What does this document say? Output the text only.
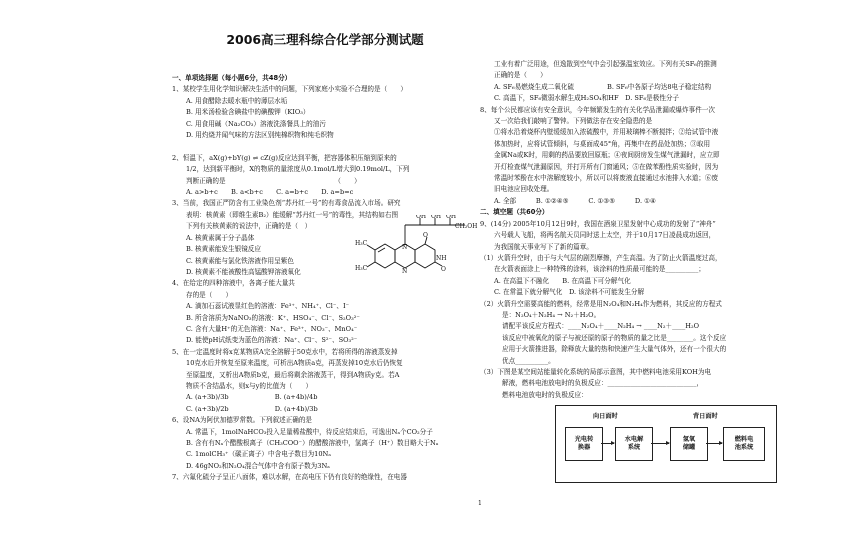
2006高三理科综合化学部分测试题
一、单项选择题（每小题6分，共48分）
1、某校学生用化学知识解决生活中的问题，下列家庭小实验不合理的是（　　）
A. 用食醋除去暖水瓶中的薄层水垢
B. 用米汤检验含碘盐中的碘酸钾（KIO₃）
C. 用食用碱（Na₂CO₃）溶液洗涤餐具上的油污
D. 用灼烧并闻气味的方法区别纯棉织物和纯毛织物

2、恒温下，aX(g)+bY(g) ⇌ cZ(g)反应达到平衡，把容器体积压缩到原来的
1/2，达到新平衡时，X的物质的量浓度从0.1mol/L增大到0.19mol/L，下列
判断正确的是　　　　　　　　　　　　　　　　　（　　）
A. a>b+c　　B. a<b+c　　C. a=b+c　　D. a=b=c
3、当前，我国正严防含有工业染色剂“苏丹红一号”的有毒食品流入市场。研究
表明：核黄素（即维生素B₂）能缓解“苏丹红一号”的毒性，其结构如右图
下列有关核黄素的说法中，正确的是（　）
A. 核黄素属于分子晶体
B. 核黄素能发生银镜反应
C. 核黄素能与氯化铁溶液作用呈紫色
D. 核黄素不能被酸性高锰酸钾溶液氧化
4、在给定的四种溶液中，各离子能大量共
存的是（　　）
A. 滴加石蕊试液显红色的溶液：Fe³⁺、NH₄⁺、Cl⁻、I⁻
B. 所含溶质为NaNO₃的溶液：K⁺、HSO₄⁻、Cl⁻、S₂O₃²⁻
C. 含有大量H⁺的无色溶液：Na⁺、Fe³⁺、NO₃⁻、MnO₄⁻
D. 能使pH试纸变为蓝色的溶液：Na⁺、Cl⁻、S²⁻、SO₃²⁻
5、在一定温度时将x克某物质A完全溶解于50克水中，若将所得的溶液蒸发掉
10克水后并恢复至原来温度，可析出A物质a克，再蒸发掉10克水后仍恢复
至原温度，又析出A物质b克，最后将剩余溶液蒸干，得到A物质y克。若A
物质不含结晶水，则x与y的比值为（　　）
A. (a+3b)/3b　　　　　　　B. (a+4b)/4b
C. (a+3b)/2b　　　　　　　D. (a+4b)/3b
6、设NA为阿伏加德罗常数。下列叙述正确的是
A. 常温下，1molNaHCO₃投入足量稀盐酸中，待反应结束后，可逸出Nₐ个CO₂分子
B. 含有有Nₐ个醋酸根离子（CH₃COO⁻）的醋酸溶液中，氢离子（H⁺）数目略大于Nₐ
C. 1molCH₃⁺（碳正离子）中含电子数目为10Nₐ
D. 46gNO₂和N₂O₄混合气体中含有原子数为3Nₐ
7、六氟化硫分子呈正八面体，难以水解，在高电压下仍有良好的绝缘性，在电器
工业有着广泛用途，但逸散到空气中会引起强温室效应。下列有关SF₆的推测
正确的是（　　）
A. SF₆易燃烧生成二氧化硫　　　　　B. SF₆中各原子均达8电子稳定结构
C. 高温下，SF₆微弱水解生成H₂SO₄和HF　D. SF₆是极性分子
8、每个公民都应该有安全意识，今年频繁发生的有关化学品泄漏或爆炸事件一次
又一次给我们敲响了警钟。下列做法存在安全隐患的是
①将水沿着烧杯内壁缓缓加入浓硫酸中，并用玻璃棒不断搅拌；②给试管中液
体加热时，应将试管倾斜，与桌面成45°角，再集中在药品处加热；③取用
金属Na或K时，用剩的药品要放回原瓶；④夜间厨房发生煤气泄漏时，应立即
开灯检查煤气泄漏原因，并打开所有门窗通风；⑤在做苯酚性质实验时，因为
常温时苯酚在水中溶解度较小，所以可以将废液直接通过水池排入水道；⑥废
旧电池应回收处理。
A. 全部　　　B. ①②④⑤　　　C. ①③⑤　　　D. ①④
二、填空题（共60分）
9、(14分) 2005年10月12日9时，我国在酒泉卫星发射中心成功的发射了“神舟”
六号载人飞船，将两名航天员同时送上太空，并于10月17日凌晨成功返回，
为我国航天事业写下了新的篇章。
（1）火箭升空时，由于与大气层的剧烈摩擦，产生高温。为了防止火箭温度过高，
在火箭表面涂上一种特殊的涂料，该涂料的性质最可能的是__________；
A. 在高温下不融化　　B. 在高温下可分解气化
C. 在常温下就分解气化　D. 该涂料不可能发生分解
（2）火箭升空需要高能的燃料，经常是用N₂O₄和N₂H₄作为燃料，其反应的方程式
是：N₂O₄＋N₂H₄ → N₂＋H₂O。
请配平该反应方程式：____N₂O₄＋____N₂H₄ → ____N₂＋____H₂O
该反应中被氧化的原子与被还原的原子的物质的量之比是________。这个反应
应用于火箭推进器，除释放大量的热和快速产生大量气体外，还有一个很大的
优点__________。
（3）下图是某空间站能量转化系统的局部示意图，其中燃料电池采用KOH为电
解液，燃料电池放电时的负极反应：___________________________，
燃料电池放电时的负极反应：
OH OH OH
CH₂OH
N
N
O
O
NH
H₃C
H₃C
向日面时	背日面时
光电转
换器
水电解
系统
氢氧
储罐
燃料电
池系统
1
